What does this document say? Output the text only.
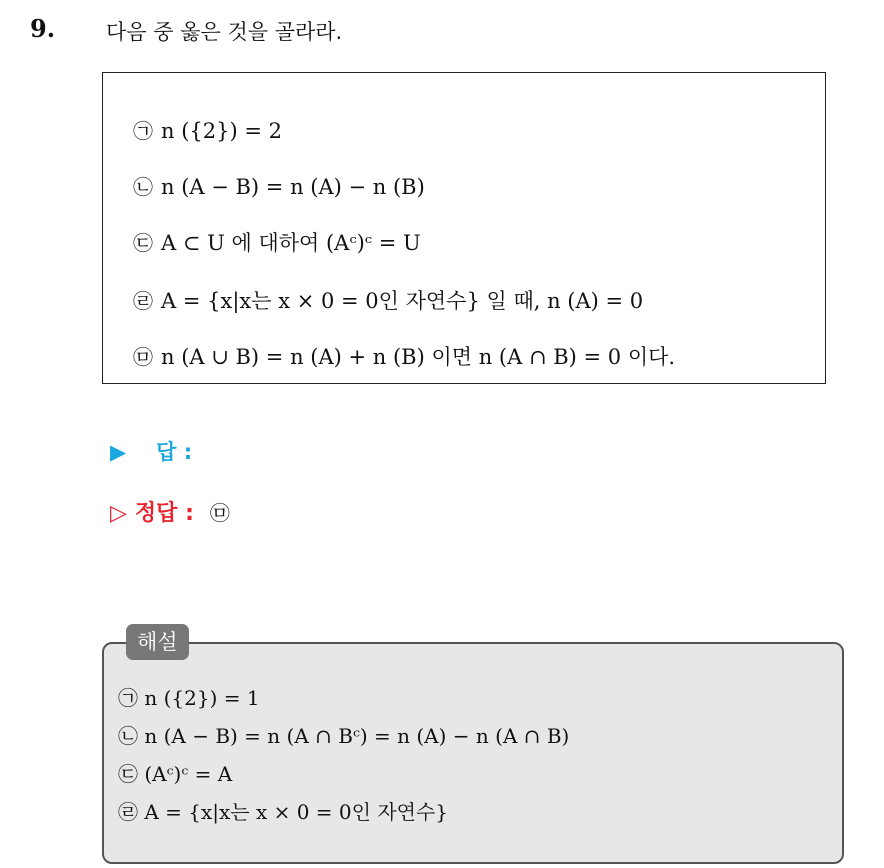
9. 다음 중 옳은 것을 골라라.
㉠ n ({2}) = 2
㉡ n (A − B) = n (A) − n (B)
㉢ A ⊂ U 에 대하여 (Aᶜ)ᶜ = U
㉣ A = {x|x는 x × 0 = 0인 자연수} 일 때, n (A) = 0
㉤ n (A ∪ B) = n (A) + n (B) 이면 n (A ∩ B) = 0 이다.
▶ 답 :
▷ 정답 : ㉤
㉠ n ({2}) = 1
㉡ n (A − B) = n (A ∩ Bᶜ) = n (A) − n (A ∩ B)
㉢ (Aᶜ)ᶜ = A
㉣ A = {x|x는 x × 0 = 0인 자연수}
해설
